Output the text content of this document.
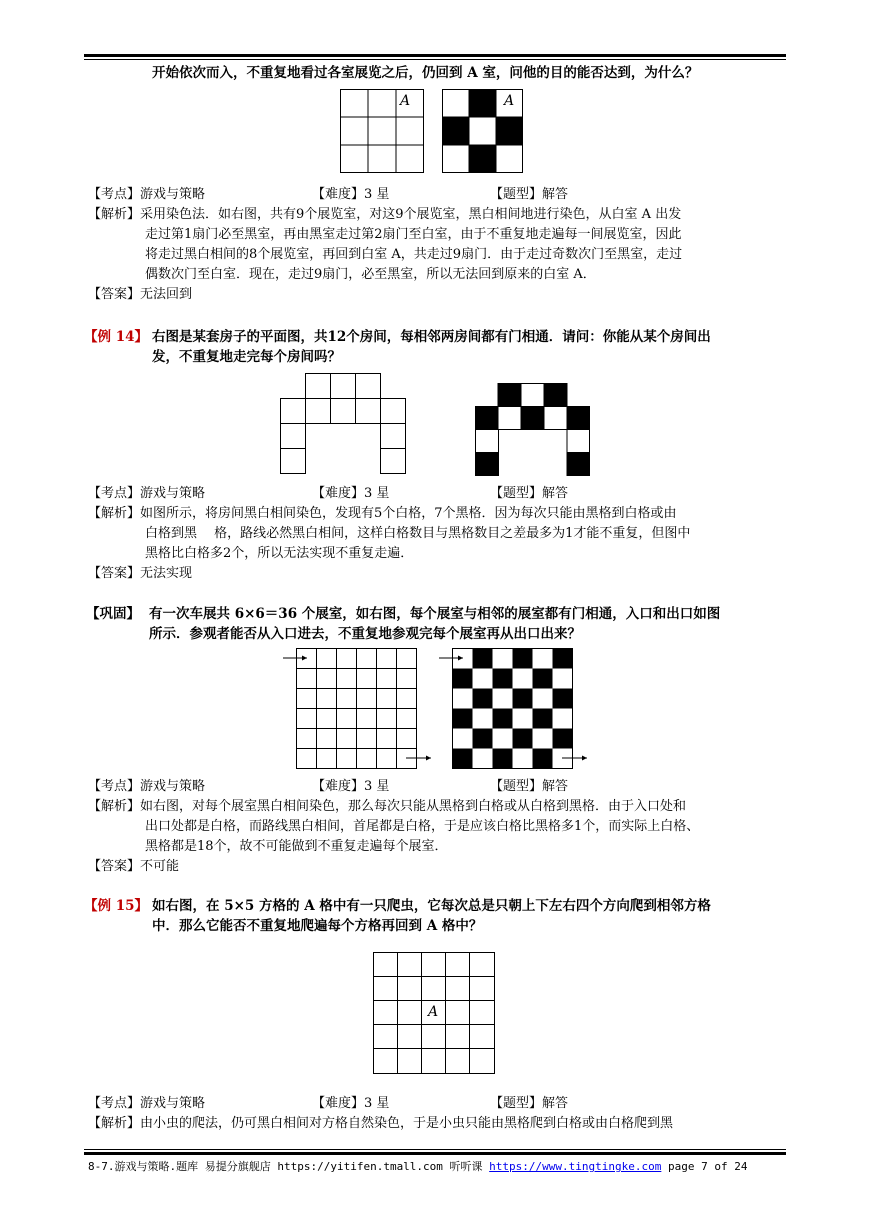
开始依次而入，不重复地看过各室展览之后，仍回到 A 室，问他的目的能否达到，为什么？
A	A
【考点】游戏与策略	【难度】3 星	【题型】解答
【解析】采用染色法．如右图，共有9个展览室，对这9个展览室，黑白相间地进行染色，从白室 A 出发
走过第1扇门必至黑室，再由黑室走过第2扇门至白室，由于不重复地走遍每一间展览室，因此
将走过黑白相间的8个展览室，再回到白室 A，共走过9扇门．由于走过奇数次门至黑室，走过
偶数次门至白室．现在，走过9扇门，必至黑室，所以无法回到原来的白室 A．
【答案】无法回到
【例 14】 右图是某套房子的平面图，共12个房间，每相邻两房间都有门相通．请问：你能从某个房间出
发，不重复地走完每个房间吗？
【考点】游戏与策略	【难度】3 星	【题型】解答
【解析】如图所示，将房间黑白相间染色，发现有5个白格，7个黑格．因为每次只能由黑格到白格或由
白格到黑　 格，路线必然黑白相间，这样白格数目与黑格数目之差最多为1才能不重复，但图中
黑格比白格多2个，所以无法实现不重复走遍．
【答案】无法实现
【巩固】 有一次车展共 6×6＝36 个展室，如右图，每个展室与相邻的展室都有门相通，入口和出口如图
所示．参观者能否从入口进去，不重复地参观完每个展室再从出口出来？
【考点】游戏与策略	【难度】3 星	【题型】解答
【解析】如右图，对每个展室黑白相间染色，那么每次只能从黑格到白格或从白格到黑格．由于入口处和
出口处都是白格，而路线黑白相间，首尾都是白格，于是应该白格比黑格多1个，而实际上白格、
黑格都是18个，故不可能做到不重复走遍每个展室．
【答案】不可能
【例 15】 如右图，在 5×5 方格的 A 格中有一只爬虫，它每次总是只朝上下左右四个方向爬到相邻方格
中．那么它能否不重复地爬遍每个方格再回到 A 格中？
A
【考点】游戏与策略	【难度】3 星	【题型】解答
【解析】由小虫的爬法，仍可黑白相间对方格自然染色，于是小虫只能由黑格爬到白格或由白格爬到黑
8-7.游戏与策略.题库 易提分旗舰店 https://yitifen.tmall.com 听听课 https://www.tingtingke.com page 7 of 24
